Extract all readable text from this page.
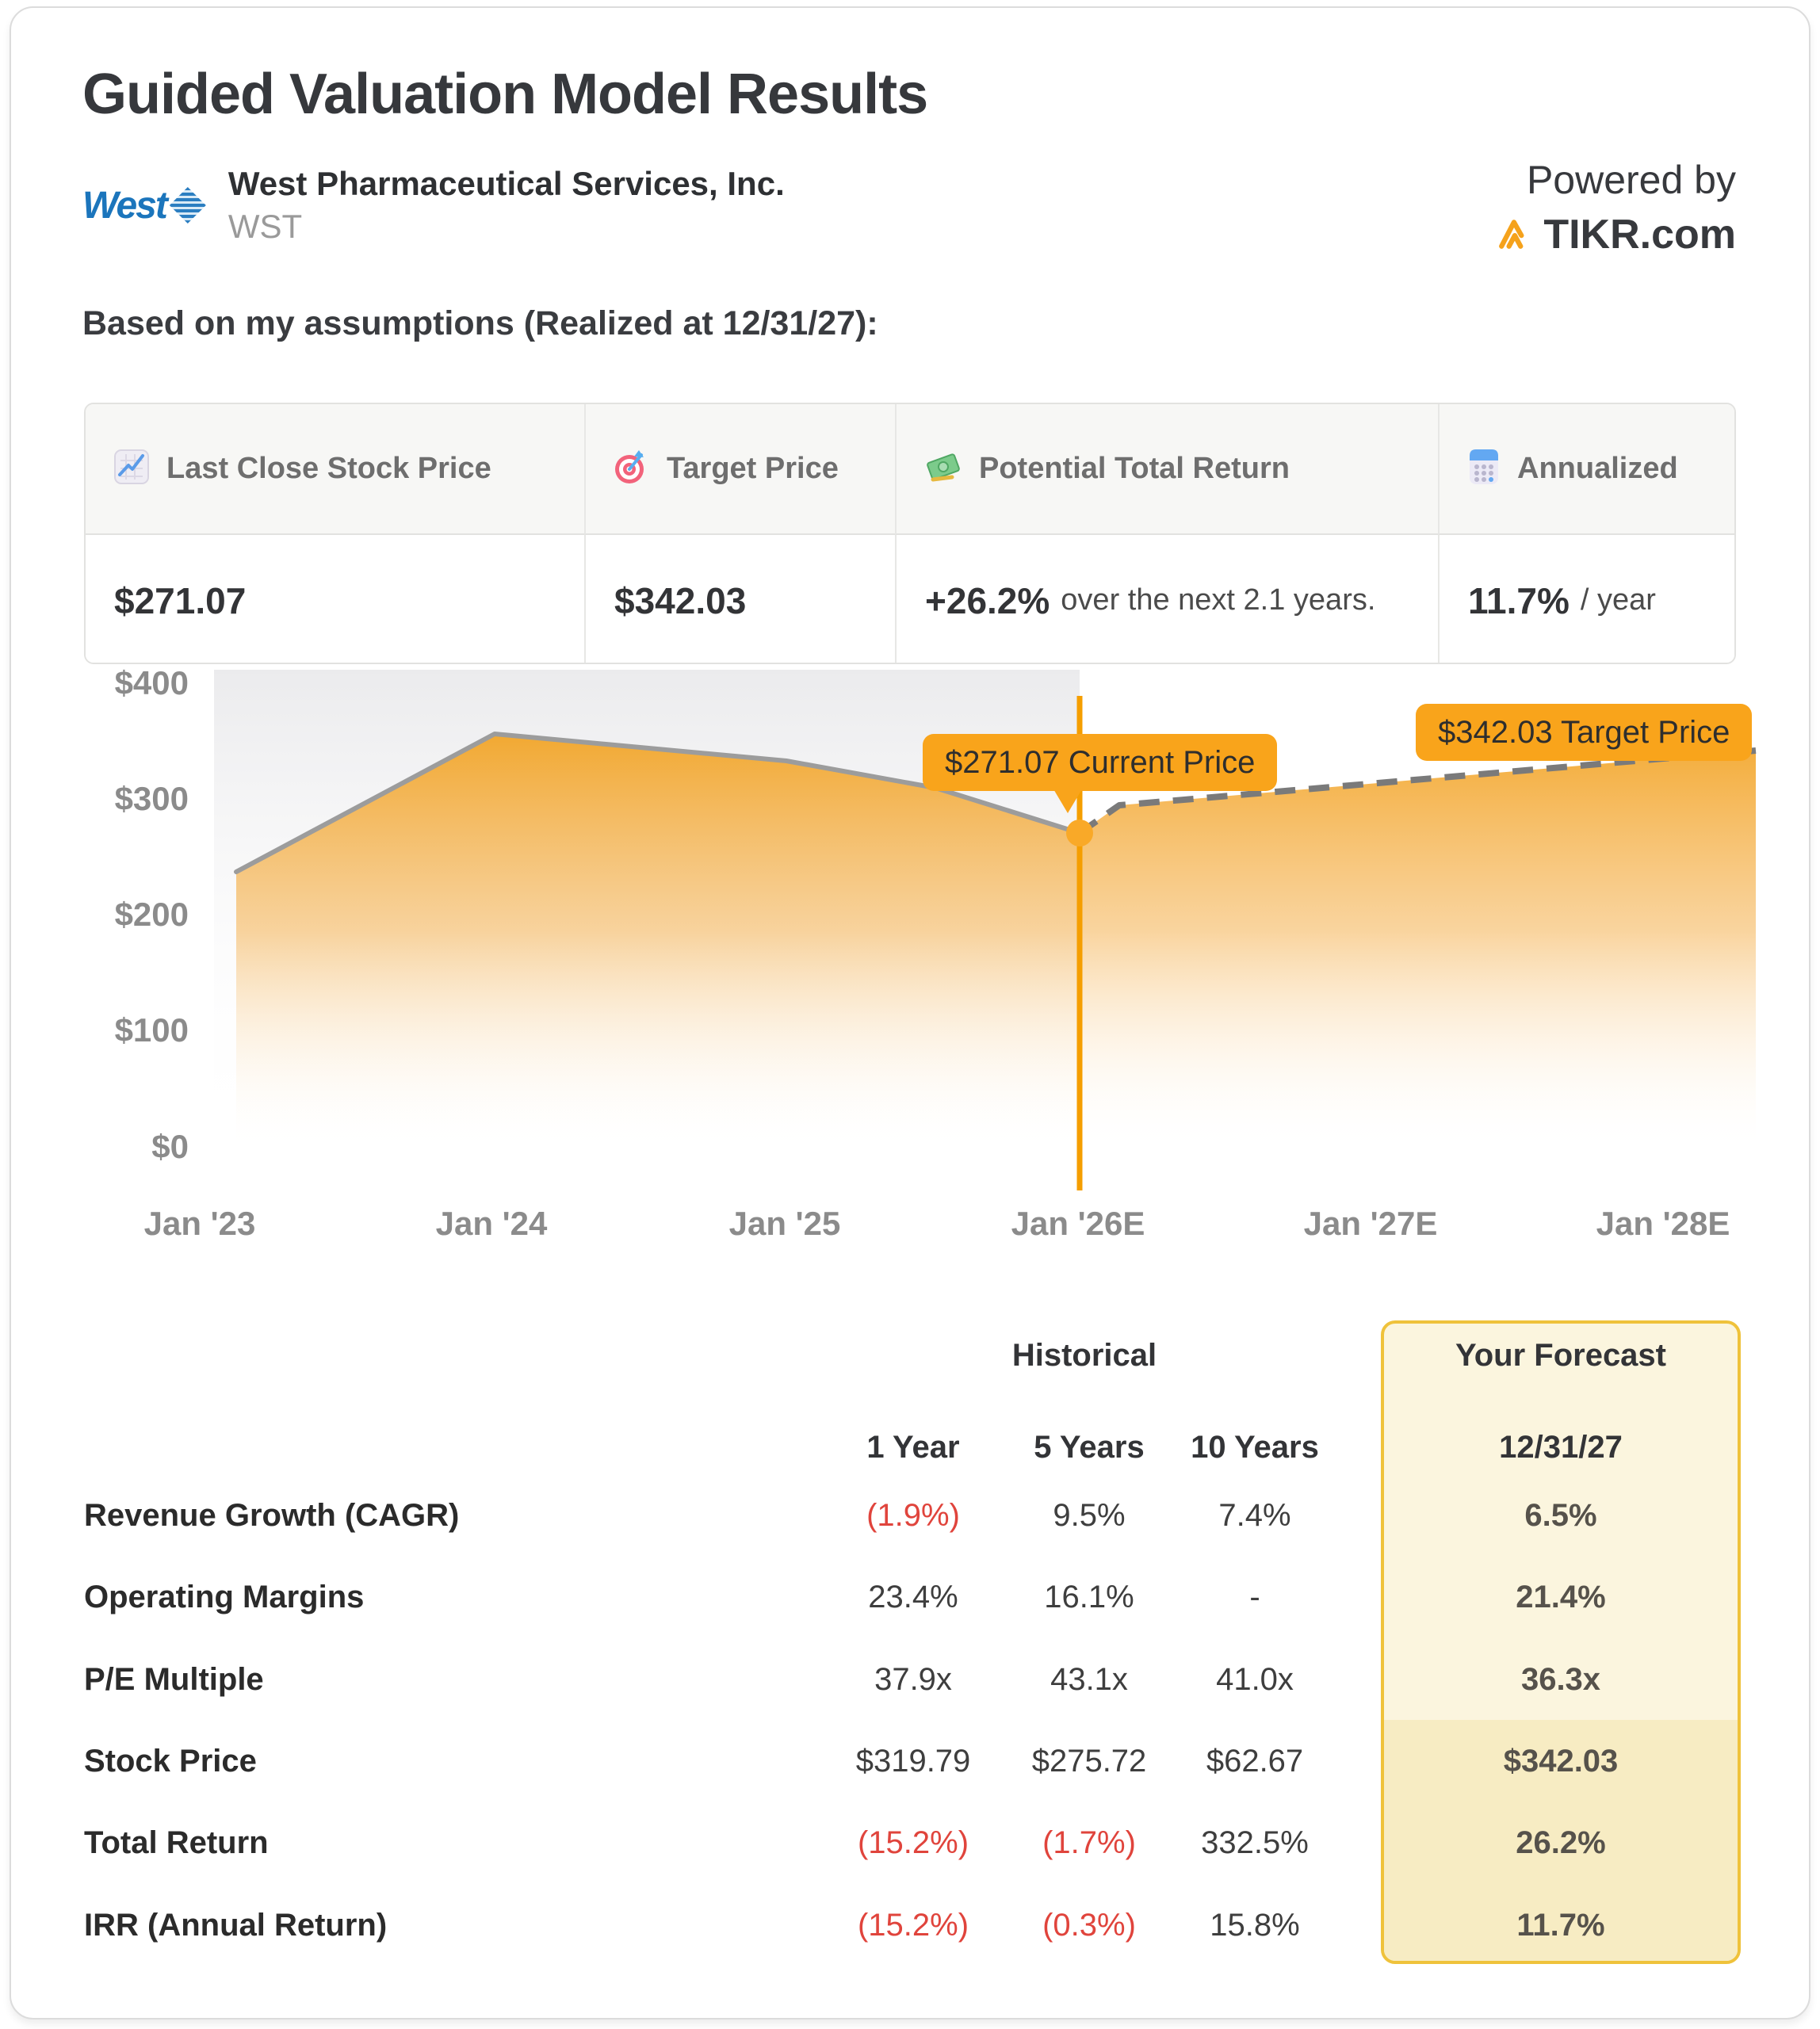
Guided Valuation Model Results
West
West Pharmaceutical Services, Inc.
WST
Powered by
TIKR.com
Based on my assumptions (Realized at 12/31/27):
Last Close Stock Price	Target Price	Potential Total Return	Annualized
$271.07	$342.03	+26.2% over the next 2.1 years.	11.7% / year
$400
$300
$200
$100
$0
Jan '23	Jan '24	Jan '25	Jan '26E	Jan '27E	Jan '28E
$271.07 Current Price
$342.03 Target Price
Historical	Your Forecast
1 Year 5 Years 10 Years	12/31/27
Revenue Growth (CAGR)	(1.9%)	9.5%	7.4%	6.5%
Operating Margins	23.4%	16.1%	-	21.4%
P/E Multiple	37.9x	43.1x	41.0x	36.3x
Stock Price	$319.79 $275.72 $62.67	$342.03
Total Return	(15.2%) (1.7%) 332.5%	26.2%
IRR (Annual Return)	(15.2%) (0.3%) 15.8%	11.7%
